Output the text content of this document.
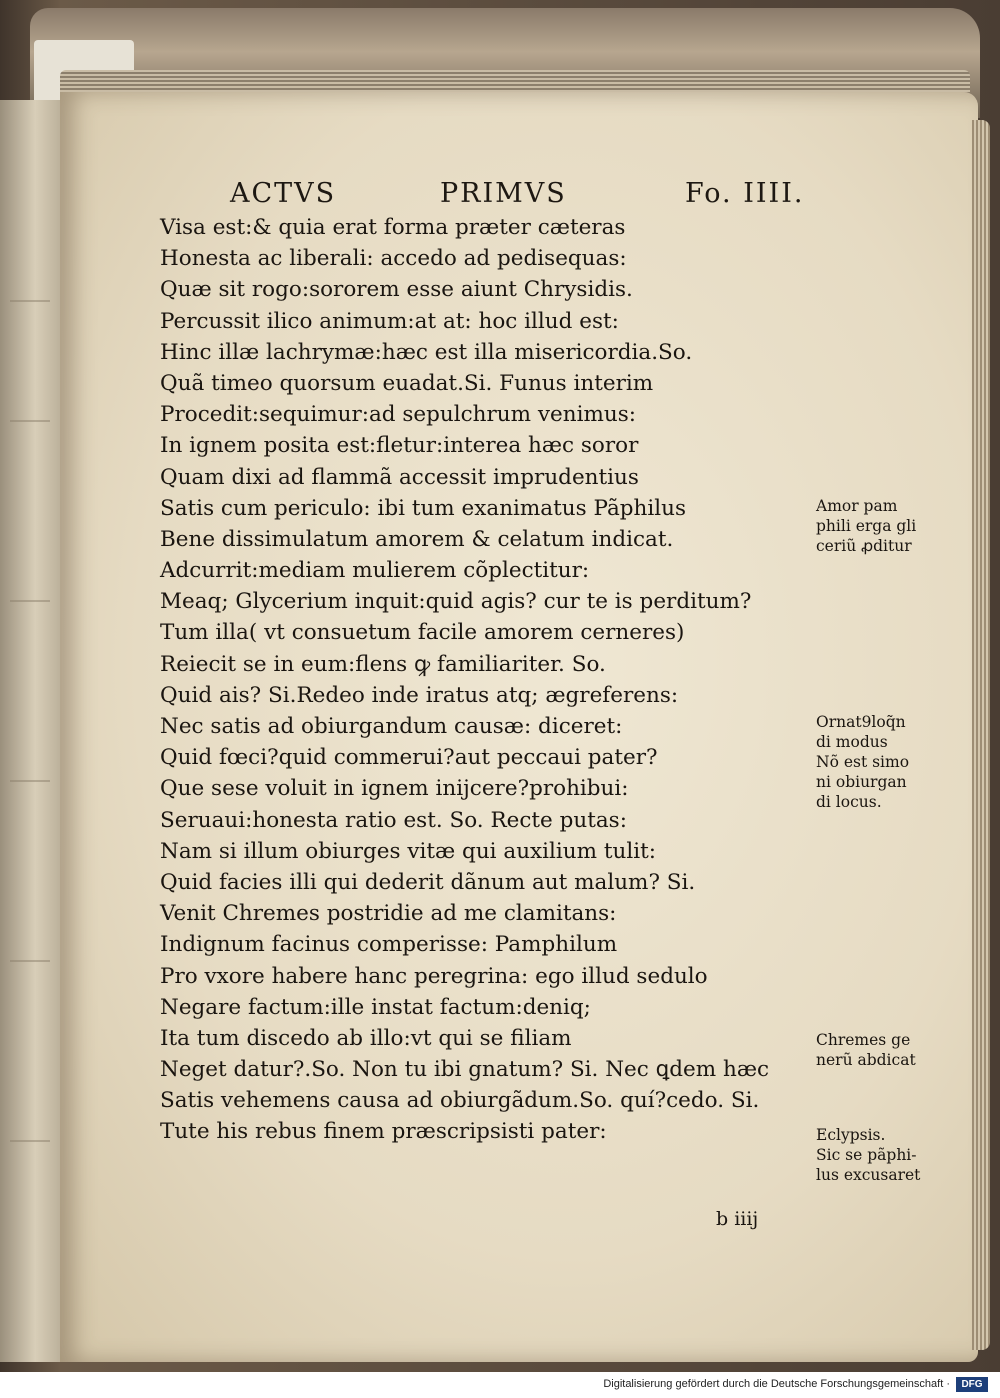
ACTVS	PRIMVS	Fo. IIII.
Visa est:& quia erat forma præter cæteras
Honesta ac liberali: accedo ad pedisequas:
Quæ sit rogo:sororem esse aiunt Chrysidis.
Percussit ilico animum:at at: hoc illud est:
Hinc illæ lachrymæ:hæc est illa misericordia.So.
Quã timeo quorsum euadat.Si. Funus interim
Procedit:sequimur:ad sepulchrum venimus:
In ignem posita est:fletur:interea hæc soror
Quam dixi ad flammã accessit imprudentius
Satis cum periculo: ibi tum exanimatus Pãphilus
Bene dissimulatum amorem & celatum indicat.
Adcurrit:mediam mulierem cõplectitur:
Meaq; Glycerium inquit:quid agis? cur te is perditum?
Tum illa( vt consuetum facile amorem cerneres)
Reiecit se in eum:flens ꝙ familiariter. So.
Quid ais? Si.Redeo inde iratus atq; ægreferens:
Nec satis ad obiurgandum causæ: diceret:
Quid fœci?quid commerui?aut peccaui pater?
Que sese voluit in ignem inijcere?prohibui:
Seruaui:honesta ratio est. So. Recte putas:
Nam si illum obiurges vitæ qui auxilium tulit:
Quid facies illi qui dederit dãnum aut malum? Si.
Venit Chremes postridie ad me clamitans:
Indignum facinus comperisse: Pamphilum
Pro vxore habere hanc peregrina: ego illud sedulo
Negare factum:ille instat factum:deniq;
Ita tum discedo ab illo:vt qui se filiam
Neget datur?.So. Non tu ibi gnatum? Si. Nec ꝗdem hæc
Satis vehemens causa ad obiurgãdum.So. quí?cedo. Si.
Tute his rebus finem præscripsisti pater:
Amor pam
phili erga gli
ceriũ ꝓditur
Ornat9loq̃n
di modus
Nõ est simo
ni obiurgan
di locus.
Chremes ge
nerũ abdicat
Eclypsis.
Sic se pãphi-
lus excusaret
b iiij
Digitalisierung gefördert durch die Deutsche Forschungsgemeinschaft ·	DFG
